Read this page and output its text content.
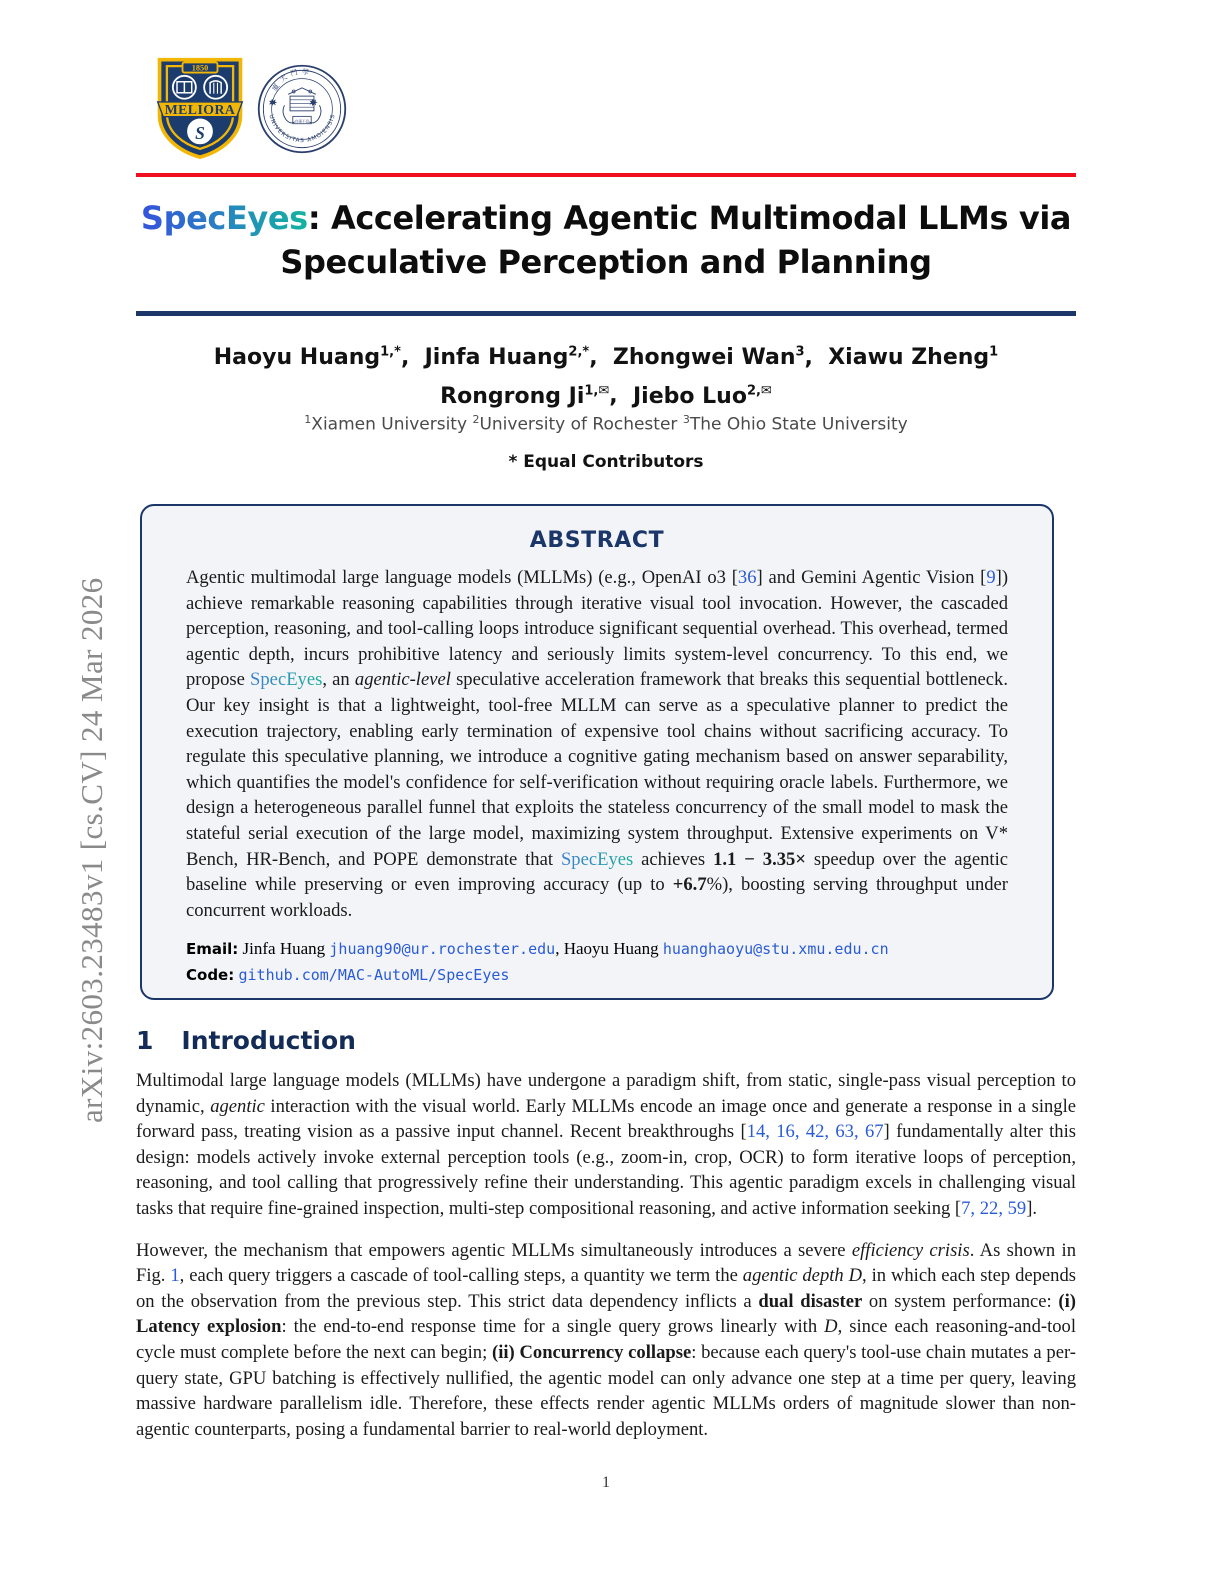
arXiv:2603.23483v1 [cs.CV] 24 Mar 2026
1850
MELIORA
S
廈 大 門 學
UNIVERSITAS AMOIENSIS
自强不息
SpecEyes: Accelerating Agentic Multimodal LLMs via
Speculative Perception and Planning
Haoyu Huang$^{1,*}$,  Jinfa Huang$^{2,*}$,  Zhongwei Wan$^3$,  Xiawu Zheng$^1$
Rongrong $Ji^{1,✉}$,  Jiebo Luo$^{2,✉}$
$^1$Xiamen University $^2$University of Rochester $^3$The Ohio State University
* Equal Contributors
ABSTRACT
Agentic multimodal large language models (MLLMs) (e.g., OpenAI o3 [36] and Gemini Agentic Vision [9]) achieve remarkable reasoning capabilities through iterative visual tool invocation. However, the cascaded perception, reasoning, and tool-calling loops introduce significant sequential overhead. This overhead, termed agentic depth, incurs prohibitive latency and seriously limits system-level concurrency. To this end, we propose SpecEyes, an agentic-level speculative acceleration framework that breaks this sequential bottleneck. Our key insight is that a lightweight, tool-free MLLM can serve as a speculative planner to predict the execution trajectory, enabling early termination of expensive tool chains without sacrificing accuracy. To regulate this speculative planning, we introduce a cognitive gating mechanism based on answer separability, which quantifies the model's confidence for self-verification without requiring oracle labels. Furthermore, we design a heterogeneous parallel funnel that exploits the stateless concurrency of the small model to mask the stateful serial execution of the large model, maximizing system throughput. Extensive experiments on V* Bench, HR-Bench, and POPE demonstrate that SpecEyes achieves 1.1 − 3.35× speedup over the agentic baseline while preserving or even improving accuracy (up to +6.7%), boosting serving throughput under concurrent workloads.
Email: Jinfa Huang jhuang90@ur.rochester.edu, Haoyu Huang huanghaoyu@stu.xmu.edu.cn
Code: github.com/MAC-AutoML/SpecEyes
1 Introduction

Multimodal large language models (MLLMs) have undergone a paradigm shift, from static, single-pass visual perception to dynamic, agentic interaction with the visual world. Early MLLMs encode an image once and generate a response in a single forward pass, treating vision as a passive input channel. Recent breakthroughs [14, 16, 42, 63, 67] fundamentally alter this design: models actively invoke external perception tools (e.g., zoom-in, crop, OCR) to form iterative loops of perception, reasoning, and tool calling that progressively refine their understanding. This agentic paradigm excels in challenging visual tasks that require fine-grained inspection, multi-step compositional reasoning, and active information seeking [7, 22, 59].

However, the mechanism that empowers agentic MLLMs simultaneously introduces a severe efficiency crisis. As shown in Fig. 1, each query triggers a cascade of tool-calling steps, a quantity we term the agentic depth D, in which each step depends on the observation from the previous step. This strict data dependency inflicts a dual disaster on system performance: (i) Latency explosion: the end-to-end response time for a single query grows linearly with D, since each reasoning-and-tool cycle must complete before the next can begin; (ii) Concurrency collapse: because each query's tool-use chain mutates a per-query state, GPU batching is effectively nullified, the agentic model can only advance one step at a time per query, leaving massive hardware parallelism idle. Therefore, these effects render agentic MLLMs orders of magnitude slower than non-agentic counterparts, posing a fundamental barrier to real-world deployment.

1
